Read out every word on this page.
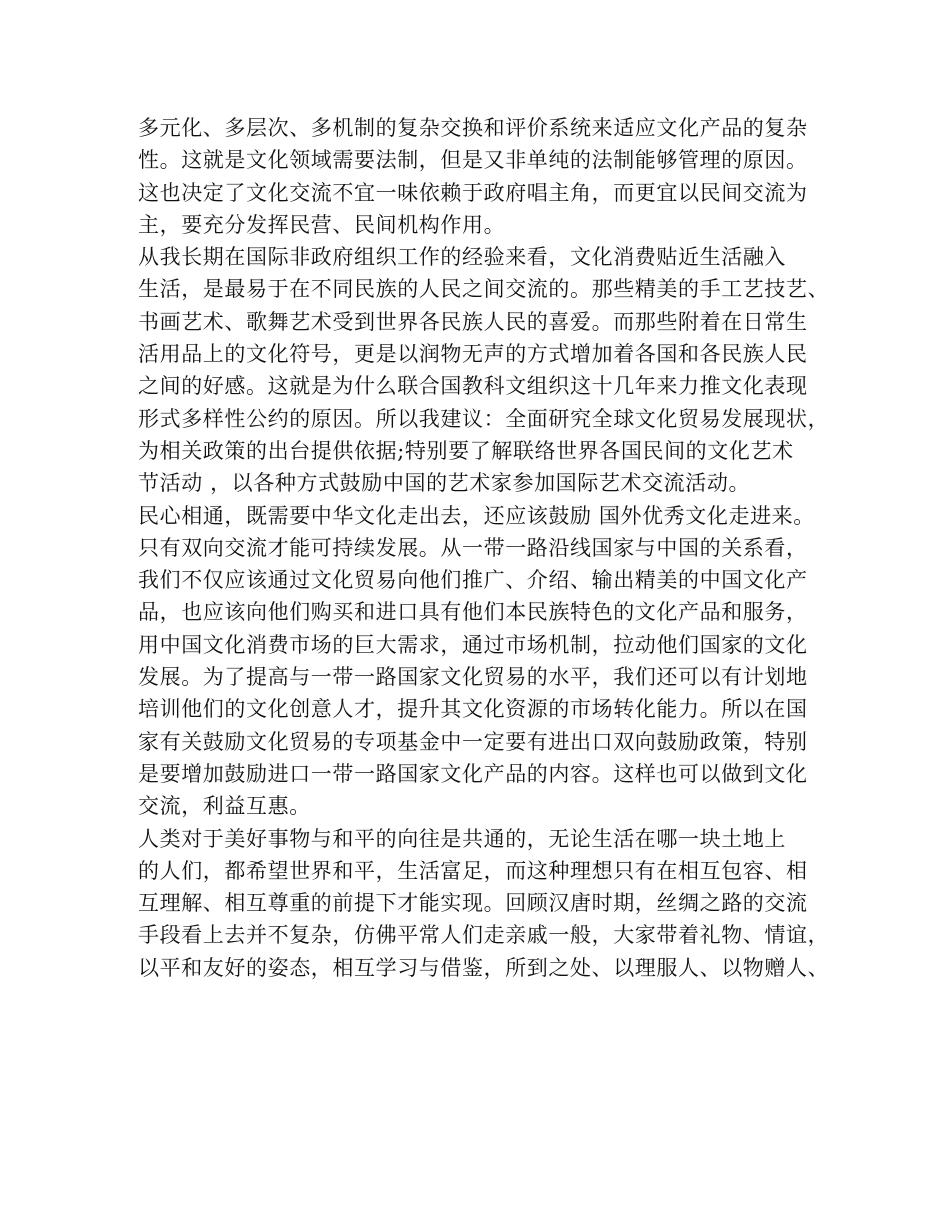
多元化、多层次、多机制的复杂交换和评价系统来适应文化产品的复杂
性。这就是文化领域需要法制，但是又非单纯的法制能够管理的原因。
这也决定了文化交流不宜一味依赖于政府唱主角，而更宜以民间交流为
主，要充分发挥民营、民间机构作用。
从我长期在国际非政府组织工作的经验来看，文化消费贴近生活融入
生活，是最易于在不同民族的人民之间交流的。那些精美的手工艺技艺、
书画艺术、歌舞艺术受到世界各民族人民的喜爱。而那些附着在日常生
活用品上的文化符号，更是以润物无声的方式增加着各国和各民族人民
之间的好感。这就是为什么联合国教科文组织这十几年来力推文化表现
形式多样性公约的原因。所以我建议：全面研究全球文化贸易发展现状，
为相关政策的出台提供依据;特别要了解联络世界各国民间的文化艺术
节活动 ，以各种方式鼓励中国的艺术家参加国际艺术交流活动。
民心相通，既需要中华文化走出去，还应该鼓励 国外优秀文化走进来。
只有双向交流才能可持续发展。从一带一路沿线国家与中国的关系看，
我们不仅应该通过文化贸易向他们推广、介绍、输出精美的中国文化产
品，也应该向他们购买和进口具有他们本民族特色的文化产品和服务，
用中国文化消费市场的巨大需求，通过市场机制，拉动他们国家的文化
发展。为了提高与一带一路国家文化贸易的水平，我们还可以有计划地
培训他们的文化创意人才，提升其文化资源的市场转化能力。所以在国
家有关鼓励文化贸易的专项基金中一定要有进出口双向鼓励政策，特别
是要增加鼓励进口一带一路国家文化产品的内容。这样也可以做到文化
交流，利益互惠。
人类对于美好事物与和平的向往是共通的，无论生活在哪一块土地上
的人们，都希望世界和平，生活富足，而这种理想只有在相互包容、相
互理解、相互尊重的前提下才能实现。回顾汉唐时期，丝绸之路的交流
手段看上去并不复杂，仿佛平常人们走亲戚一般，大家带着礼物、情谊，
以平和友好的姿态，相互学习与借鉴，所到之处、以理服人、以物赠人、
